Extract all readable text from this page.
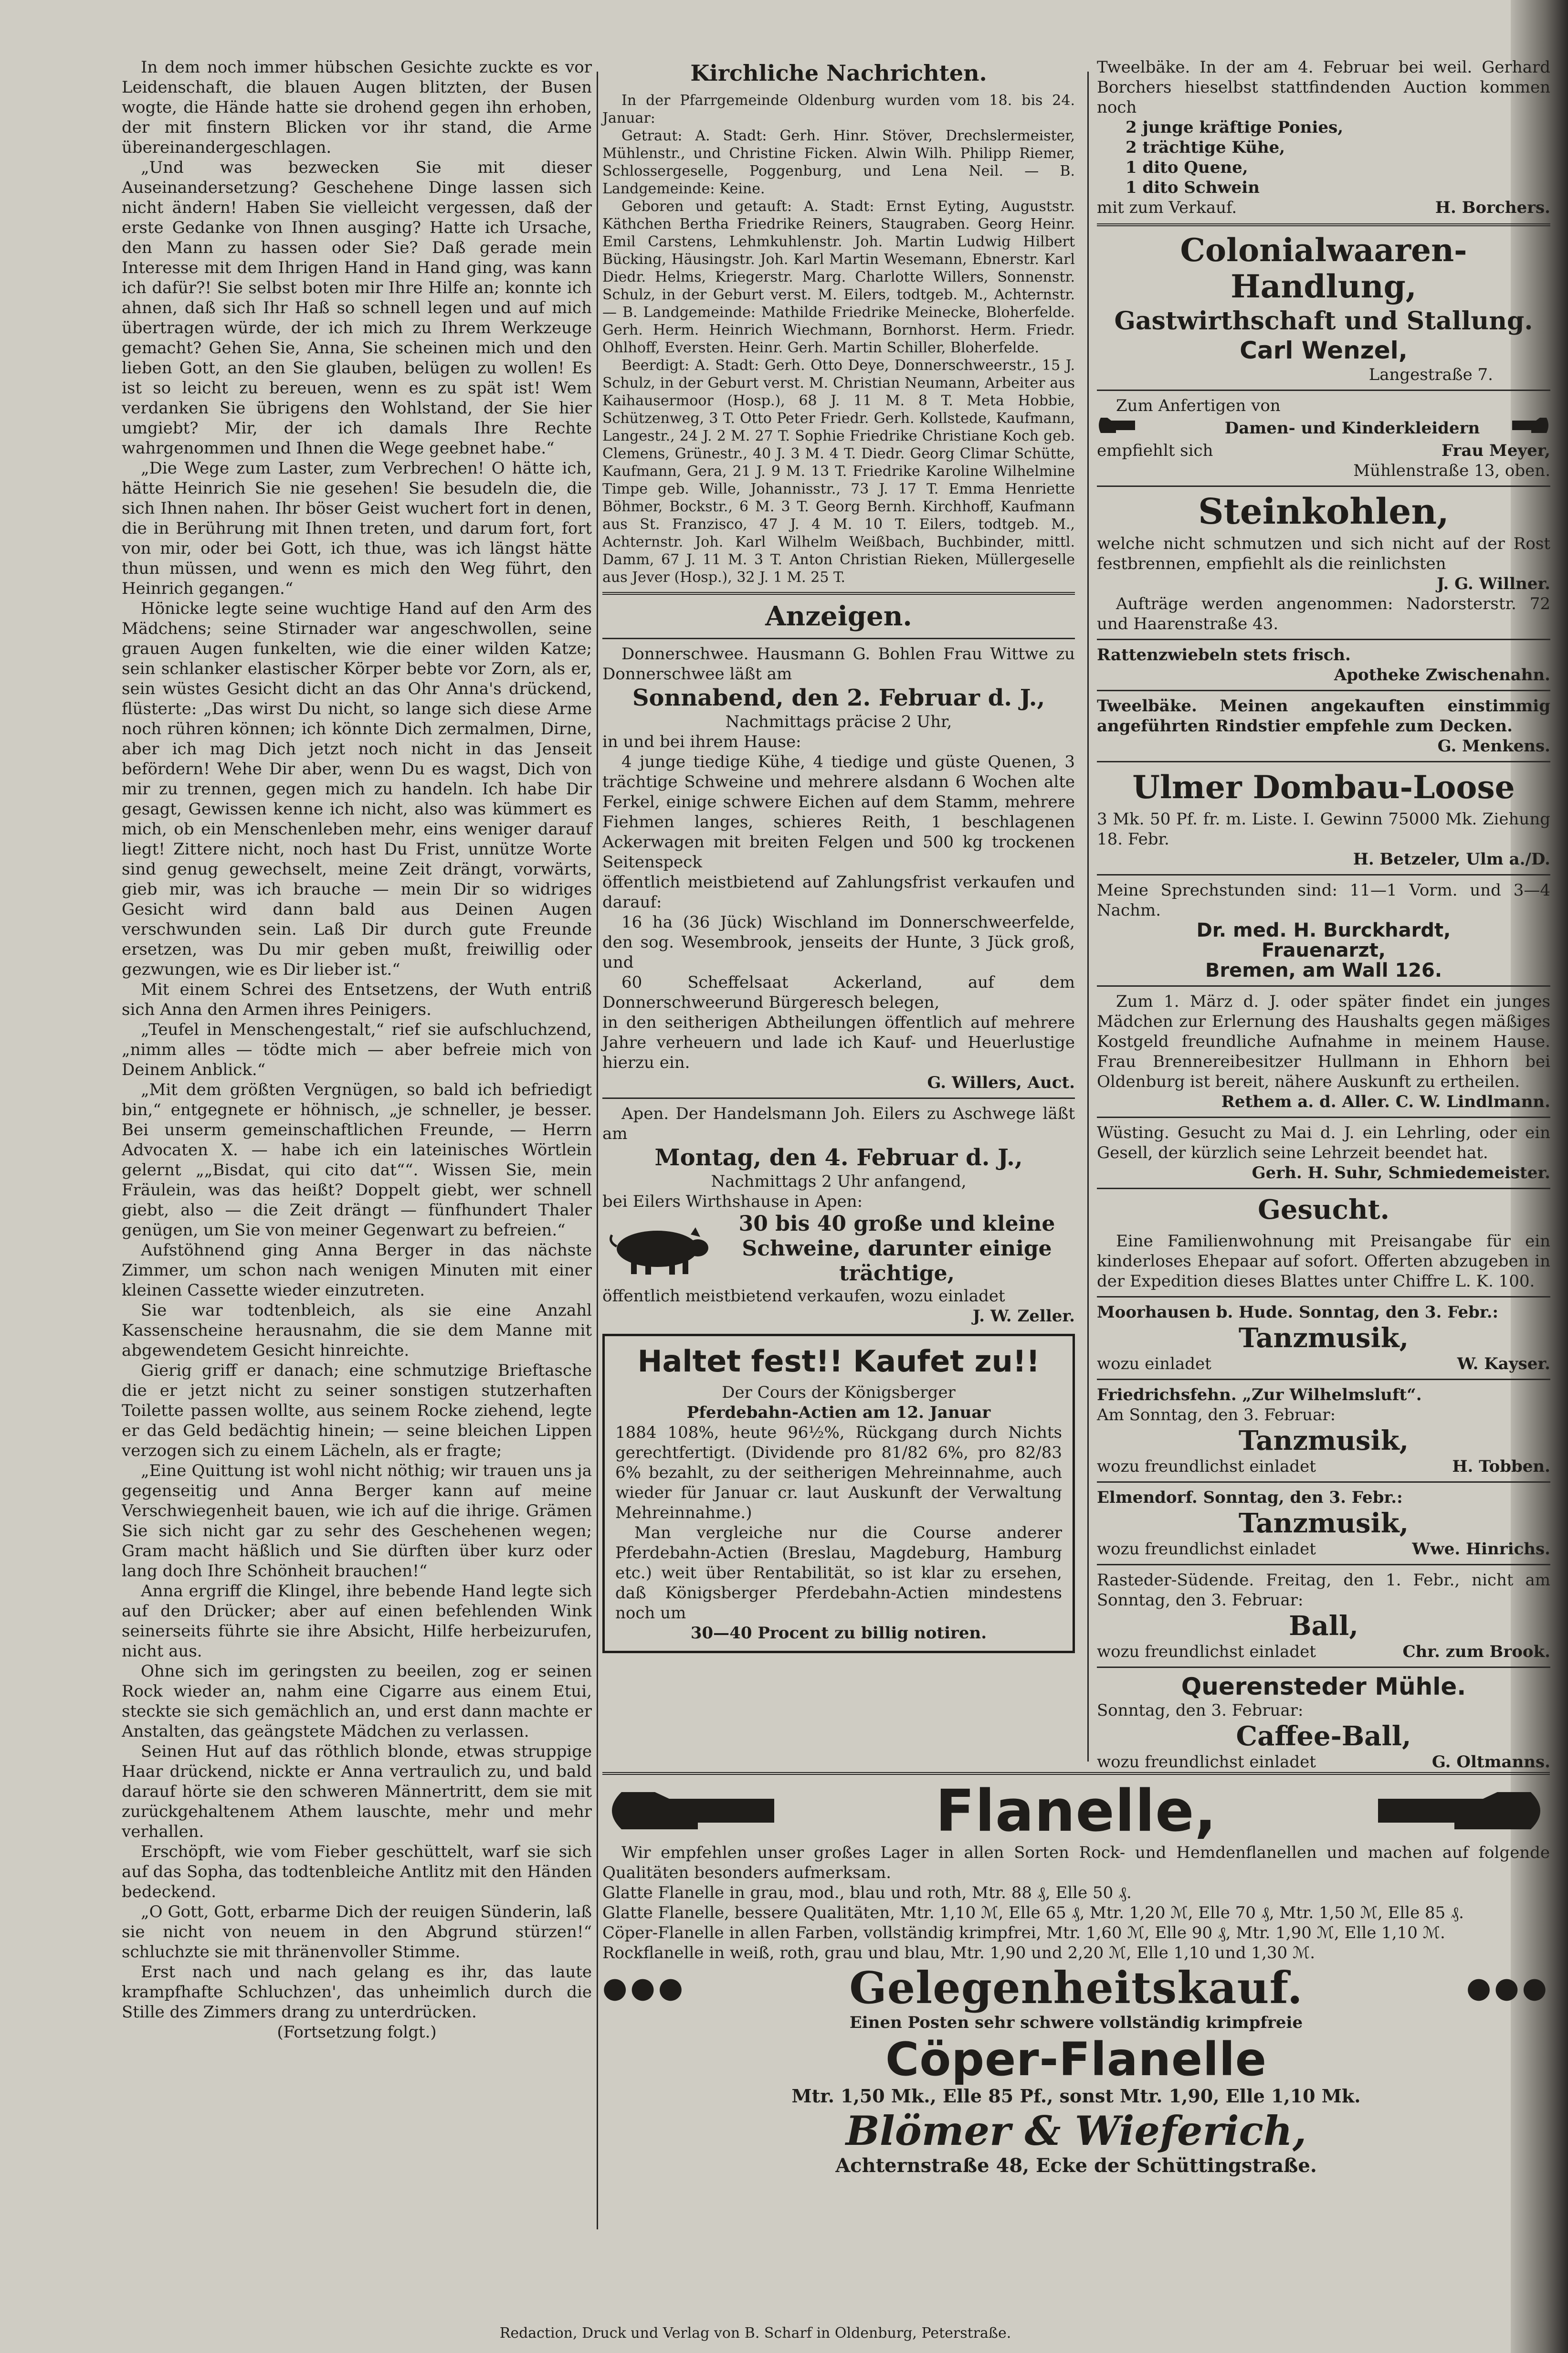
In dem noch immer hübschen Gesichte zuckte es vor Leidenschaft, die blauen Augen blitzten, der Busen wogte, die Hände hatte sie drohend gegen ihn erhoben, der mit finstern Blicken vor ihr stand, die Arme übereinandergeschlagen.

„Und was bezwecken Sie mit dieser Auseinandersetzung? Geschehene Dinge lassen sich nicht ändern! Haben Sie vielleicht vergessen, daß der erste Gedanke von Ihnen ausging? Hatte ich Ursache, den Mann zu hassen oder Sie? Daß gerade mein Interesse mit dem Ihrigen Hand in Hand ging, was kann ich dafür?! Sie selbst boten mir Ihre Hilfe an; konnte ich ahnen, daß sich Ihr Haß so schnell legen und auf mich übertragen würde, der ich mich zu Ihrem Werkzeuge gemacht? Gehen Sie, Anna, Sie scheinen mich und den lieben Gott, an den Sie glauben, belügen zu wollen! Es ist so leicht zu bereuen, wenn es zu spät ist! Wem verdanken Sie übrigens den Wohlstand, der Sie hier umgiebt? Mir, der ich damals Ihre Rechte wahrgenommen und Ihnen die Wege geebnet habe.“

„Die Wege zum Laster, zum Verbrechen! O hätte ich, hätte Heinrich Sie nie gesehen! Sie besudeln die, die sich Ihnen nahen. Ihr böser Geist wuchert fort in denen, die in Berührung mit Ihnen treten, und darum fort, fort von mir, oder bei Gott, ich thue, was ich längst hätte thun müssen, und wenn es mich den Weg führt, den Heinrich gegangen.“

Hönicke legte seine wuchtige Hand auf den Arm des Mädchens; seine Stirnader war angeschwollen, seine grauen Augen funkelten, wie die einer wilden Katze; sein schlanker elastischer Körper bebte vor Zorn, als er, sein wüstes Gesicht dicht an das Ohr Anna's drückend, flüsterte: „Das wirst Du nicht, so lange sich diese Arme noch rühren können; ich könnte Dich zermalmen, Dirne, aber ich mag Dich jetzt noch nicht in das Jenseit befördern! Wehe Dir aber, wenn Du es wagst, Dich von mir zu trennen, gegen mich zu handeln. Ich habe Dir gesagt, Gewissen kenne ich nicht, also was kümmert es mich, ob ein Menschenleben mehr, eins weniger darauf liegt! Zittere nicht, noch hast Du Frist, unnütze Worte sind genug gewechselt, meine Zeit drängt, vorwärts, gieb mir, was ich brauche — mein Dir so widriges Gesicht wird dann bald aus Deinen Augen verschwunden sein. Laß Dir durch gute Freunde ersetzen, was Du mir geben mußt, freiwillig oder gezwungen, wie es Dir lieber ist.“

Mit einem Schrei des Entsetzens, der Wuth entriß sich Anna den Armen ihres Peinigers.

„Teufel in Menschengestalt,“ rief sie aufschluchzend, „nimm alles — tödte mich — aber befreie mich von Deinem Anblick.“

„Mit dem größten Vergnügen, so bald ich befriedigt bin,“ entgegnete er höhnisch, „je schneller, je besser. Bei unserm gemeinschaftlichen Freunde, — Herrn Advocaten X. — habe ich ein lateinisches Wörtlein gelernt „„Bisdat, qui cito dat““. Wissen Sie, mein Fräulein, was das heißt? Doppelt giebt, wer schnell giebt, also — die Zeit drängt — fünfhundert Thaler genügen, um Sie von meiner Gegenwart zu befreien.“

Aufstöhnend ging Anna Berger in das nächste Zimmer, um schon nach wenigen Minuten mit einer kleinen Cassette wieder einzutreten.

Sie war todtenbleich, als sie eine Anzahl Kassenscheine herausnahm, die sie dem Manne mit abgewendetem Gesicht hinreichte.

Gierig griff er danach; eine schmutzige Brieftasche die er jetzt nicht zu seiner sonstigen stutzerhaften Toilette passen wollte, aus seinem Rocke ziehend, legte er das Geld bedächtig hinein; — seine bleichen Lippen verzogen sich zu einem Lächeln, als er fragte;

„Eine Quittung ist wohl nicht nöthig; wir trauen uns ja gegenseitig und Anna Berger kann auf meine Verschwiegenheit bauen, wie ich auf die ihrige. Grämen Sie sich nicht gar zu sehr des Geschehenen wegen; Gram macht häßlich und Sie dürften über kurz oder lang doch Ihre Schönheit brauchen!“

Anna ergriff die Klingel, ihre bebende Hand legte sich auf den Drücker; aber auf einen befehlenden Wink seinerseits führte sie ihre Absicht, Hilfe herbeizurufen, nicht aus.

Ohne sich im geringsten zu beeilen, zog er seinen Rock wieder an, nahm eine Cigarre aus einem Etui, steckte sie sich gemächlich an, und erst dann machte er Anstalten, das geängstete Mädchen zu verlassen.

Seinen Hut auf das röthlich blonde, etwas struppige Haar drückend, nickte er Anna vertraulich zu, und bald darauf hörte sie den schweren Männertritt, dem sie mit zurückgehaltenem Athem lauschte, mehr und mehr verhallen.

Erschöpft, wie vom Fieber geschüttelt, warf sie sich auf das Sopha, das todtenbleiche Antlitz mit den Händen bedeckend.

„O Gott, Gott, erbarme Dich der reuigen Sünderin, laß sie nicht von neuem in den Abgrund stürzen!“ schluchzte sie mit thränenvoller Stimme.

Erst nach und nach gelang es ihr, das laute krampfhafte Schluchzen', das unheimlich durch die Stille des Zimmers drang zu unterdrücken.

(Fortsetzung folgt.)

Kirchliche Nachrichten.

In der Pfarrgemeinde Oldenburg wurden vom 18. bis 24. Januar:

Getraut: A. Stadt: Gerh. Hinr. Stöver, Drechslermeister, Mühlenstr., und Christine Ficken. Alwin Wilh. Philipp Riemer, Schlossergeselle, Poggenburg, und Lena Neil. — B. Landgemeinde: Keine.

Geboren und getauft: A. Stadt: Ernst Eyting, Auguststr. Käthchen Bertha Friedrike Reiners, Staugraben. Georg Heinr. Emil Carstens, Lehmkuhlenstr. Joh. Martin Ludwig Hilbert Bücking, Häusingstr. Joh. Karl Martin Wesemann, Ebnerstr. Karl Diedr. Helms, Kriegerstr. Marg. Charlotte Willers, Sonnenstr. Schulz, in der Geburt verst. M. Eilers, todtgeb. M., Achternstr. — B. Landgemeinde: Mathilde Friedrike Meinecke, Bloherfelde. Gerh. Herm. Heinrich Wiechmann, Bornhorst. Herm. Friedr. Ohlhoff, Eversten. Heinr. Gerh. Martin Schiller, Bloherfelde.

Beerdigt: A. Stadt: Gerh. Otto Deye, Donnerschweerstr., 15 J. Schulz, in der Geburt verst. M. Christian Neumann, Arbeiter aus Kaihausermoor (Hosp.), 68 J. 11 M. 8 T. Meta Hobbie, Schützenweg, 3 T. Otto Peter Friedr. Gerh. Kollstede, Kaufmann, Langestr., 24 J. 2 M. 27 T. Sophie Friedrike Christiane Koch geb. Clemens, Grünestr., 40 J. 3 M. 4 T. Diedr. Georg Climar Schütte, Kaufmann, Gera, 21 J. 9 M. 13 T. Friedrike Karoline Wilhelmine Timpe geb. Wille, Johannisstr., 73 J. 17 T. Emma Henriette Böhmer, Bockstr., 6 M. 3 T. Georg Bernh. Kirchhoff, Kaufmann aus St. Franzisco, 47 J. 4 M. 10 T. Eilers, todtgeb. M., Achternstr. Joh. Karl Wilhelm Weißbach, Buchbinder, mittl. Damm, 67 J. 11 M. 3 T. Anton Christian Rieken, Müllergeselle aus Jever (Hosp.), 32 J. 1 M. 25 T.

Anzeigen.

Donnerschwee. Hausmann G. Bohlen Frau Wittwe zu Donnerschwee läßt am

Sonnabend, den 2. Februar d. J.,

Nachmittags präcise 2 Uhr,

in und bei ihrem Hause:

4 junge tiedige Kühe, 4 tiedige und güste Quenen, 3 trächtige Schweine und mehrere alsdann 6 Wochen alte Ferkel, einige schwere Eichen auf dem Stamm, mehrere Fiehmen langes, schieres Reith, 1 beschlagenen Ackerwagen mit breiten Felgen und 500 kg trockenen Seitenspeck

öffentlich meistbietend auf Zahlungsfrist verkaufen und darauf:

16 ha (36 Jück) Wischland im Donnerschweerfelde, den sog. Wesembrook, jenseits der Hunte, 3 Jück groß, und

60 Scheffelsaat Ackerland, auf dem Donnerschweerund Bürgeresch belegen,

in den seitherigen Abtheilungen öffentlich auf mehrere Jahre verheuern und lade ich Kauf- und Heuerlustige hierzu ein.

G. Willers, Auct.

Apen. Der Handelsmann Joh. Eilers zu Aschwege läßt am

Montag, den 4. Februar d. J.,

Nachmittags 2 Uhr anfangend,

bei Eilers Wirthshause in Apen:

30 bis 40 große und kleine Schweine, darunter einige trächtige,

öffentlich meistbietend verkaufen, wozu einladet

J. W. Zeller.

Haltet fest!! Kaufet zu!!

Der Cours der Königsberger

Pferdebahn-Actien am 12. Januar

1884 108%, heute 96½%, Rückgang durch Nichts gerechtfertigt. (Dividende pro 81/82 6%, pro 82/83 6% bezahlt, zu der seitherigen Mehreinnahme, auch wieder für Januar cr. laut Auskunft der Verwaltung Mehreinnahme.)

Man vergleiche nur die Course anderer Pferdebahn-Actien (Breslau, Magdeburg, Hamburg etc.) weit über Rentabilität, so ist klar zu ersehen, daß Königsberger Pferdebahn-Actien mindestens noch um

30—40 Procent zu billig notiren.

Tweelbäke. In der am 4. Februar bei weil. Gerhard Borchers hieselbst stattfindenden Auction kommen noch

2 junge kräftige Ponies,

2 trächtige Kühe,

1 dito Quene,

1 dito Schwein

mit zum Verkauf.	H. Borchers.

Colonialwaaren-Handlung,

Gastwirthschaft und Stallung.

Carl Wenzel,

Langestraße 7.

Zum Anfertigen von

Damen- und Kinderkleidern

empfiehlt sich	Frau Meyer,

Mühlenstraße 13, oben.

Steinkohlen,

welche nicht schmutzen und sich nicht auf der Rost festbrennen, empfiehlt als die reinlichsten

J. G. Willner.

Aufträge werden angenommen: Nadorsterstr. 72 und Haarenstraße 43.

Rattenzwiebeln stets frisch.

Apotheke Zwischenahn.

Tweelbäke. Meinen angekauften einstimmig angeführten Rindstier empfehle zum Decken.

G. Menkens.

Ulmer Dombau-Loose

3 Mk. 50 Pf. fr. m. Liste. I. Gewinn 75000 Mk. Ziehung 18. Febr.

H. Betzeler, Ulm a./D.

Meine Sprechstunden sind: 11—1 Vorm. und 3—4 Nachm.

Dr. med. H. Burckhardt,

Frauenarzt,

Bremen, am Wall 126.

Zum 1. März d. J. oder später findet ein junges Mädchen zur Erlernung des Haushalts gegen mäßiges Kostgeld freundliche Aufnahme in meinem Hause. Frau Brennereibesitzer Hullmann in Ehhorn bei Oldenburg ist bereit, nähere Auskunft zu ertheilen.

Rethem a. d. Aller. C. W. Lindlmann.

Wüsting. Gesucht zu Mai d. J. ein Lehrling, oder ein Gesell, der kürzlich seine Lehrzeit beendet hat.

Gerh. H. Suhr, Schmiedemeister.

Gesucht.

Eine Familienwohnung mit Preisangabe für ein kinderloses Ehepaar auf sofort. Offerten abzugeben in der Expedition dieses Blattes unter Chiffre L. K. 100.

Moorhausen b. Hude. Sonntag, den 3. Febr.:

Tanzmusik,

wozu einladet	W. Kayser.

Friedrichsfehn. „Zur Wilhelmsluft“.

Am Sonntag, den 3. Februar:

Tanzmusik,

wozu freundlichst einladet	H. Tobben.

Elmendorf. Sonntag, den 3. Febr.:

Tanzmusik,

wozu freundlichst einladet	Wwe. Hinrichs.

Rasteder-Südende. Freitag, den 1. Febr., nicht am Sonntag, den 3. Februar:

Ball,

wozu freundlichst einladet	Chr. zum Brook.

Querensteder Mühle.

Sonntag, den 3. Februar:

Caffee-Ball,

wozu freundlichst einladet	G. Oltmanns.

Flanelle,

Wir empfehlen unser großes Lager in allen Sorten Rock- und Hemdenflanellen und machen auf folgende Qualitäten besonders aufmerksam.

Glatte Flanelle in grau, mod., blau und roth, Mtr. 88 ₰, Elle 50 ₰.

Glatte Flanelle, bessere Qualitäten, Mtr. 1,10 ℳ, Elle 65 ₰, Mtr. 1,20 ℳ, Elle 70 ₰, Mtr. 1,50 ℳ, Elle 85 ₰.

Cöper-Flanelle in allen Farben, vollständig krimpfrei, Mtr. 1,60 ℳ, Elle 90 ₰, Mtr. 1,90 ℳ, Elle 1,10 ℳ.

Rockflanelle in weiß, roth, grau und blau, Mtr. 1,90 und 2,20 ℳ, Elle 1,10 und 1,30 ℳ.

●●●	Gelegenheitskauf.	●●●

Einen Posten sehr schwere vollständig krimpfreie

Cöper-Flanelle

Mtr. 1,50 Mk., Elle 85 Pf., sonst Mtr. 1,90, Elle 1,10 Mk.

Blömer & Wieferich,

Achternstraße 48, Ecke der Schüttingstraße.

Redaction, Druck und Verlag von B. Scharf in Oldenburg, Peterstraße.
